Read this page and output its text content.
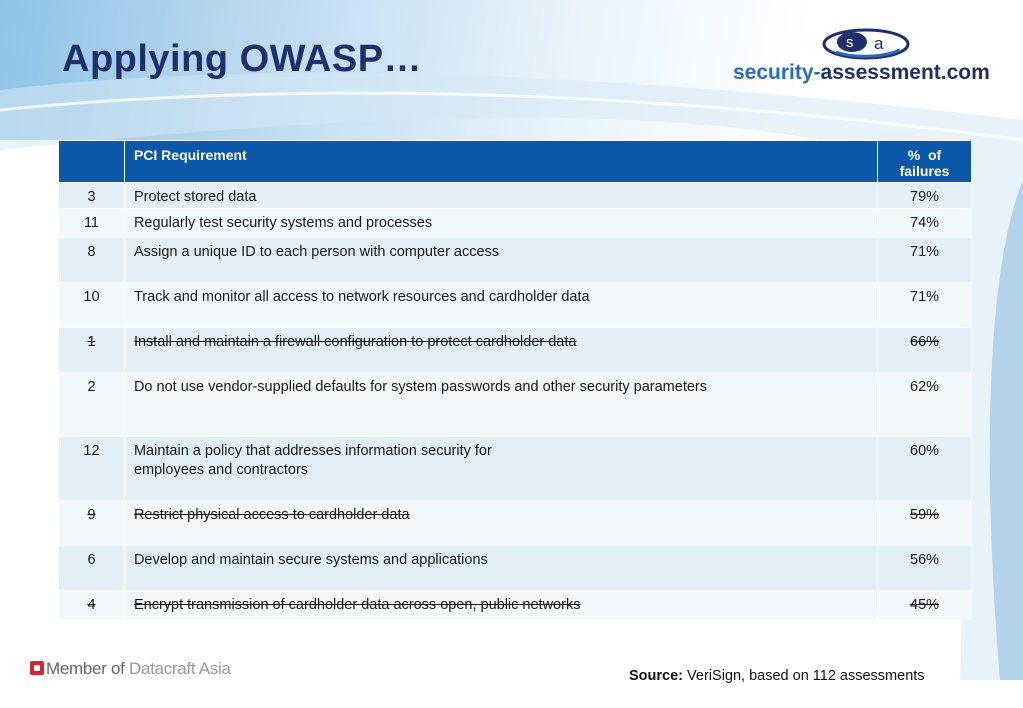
Applying OWASP…	s a
security-assessment.com
	PCI Requirement	%  of
failures
3	Protect stored data	79%
11	Regularly test security systems and processes	74%
8	Assign a unique ID to each person with computer access	71%
10	Track and monitor all access to network resources and cardholder data	71%
1	Install and maintain a firewall configuration to protect cardholder data	66%
2	Do not use vendor-supplied defaults for system passwords and other security parameters	62%
12	Maintain a policy that addresses information security for
employees and contractors	60%
9	Restrict physical access to cardholder data	59%
6	Develop and maintain secure systems and applications	56%
4	Encrypt transmission of cardholder data across open, public networks	45%
Member of Datacraft Asia	Source: VeriSign, based on 112 assessments
